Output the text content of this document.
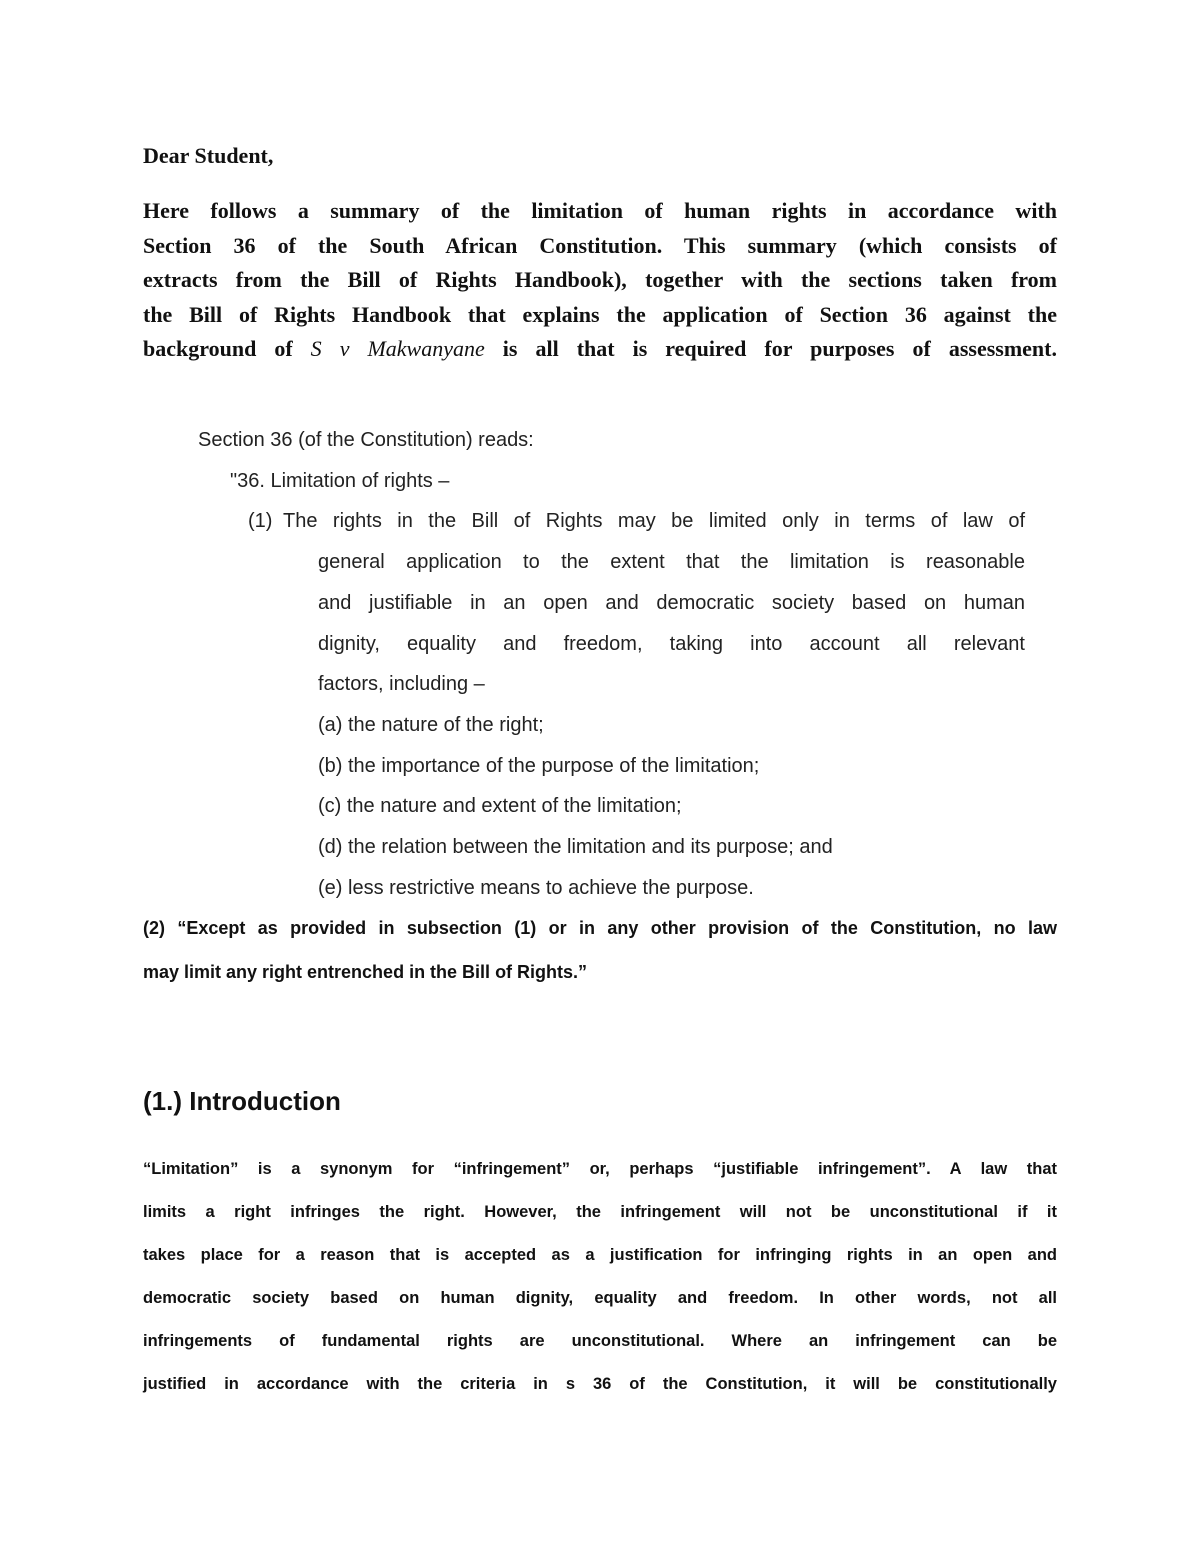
Dear Student,
Here follows a summary of the limitation of human rights in accordance with
Section 36 of the South African Constitution. This summary (which consists of
extracts from the Bill of Rights Handbook), together with the sections taken from
the Bill of Rights Handbook that explains the application of Section 36 against the
background of S v Makwanyane is all that is required for purposes of assessment.
Section 36 (of the Constitution) reads:
"36. Limitation of rights –
(1) The rights in the Bill of Rights may be limited only in terms of law of
general application to the extent that the limitation is reasonable
and justifiable in an open and democratic society based on human
dignity, equality and freedom, taking into account all relevant
factors, including –
(a) the nature of the right;
(b) the importance of the purpose of the limitation;
(c) the nature and extent of the limitation;
(d) the relation between the limitation and its purpose; and
(e) less restrictive means to achieve the purpose.
(2) “Except as provided in subsection (1) or in any other provision of the Constitution, no law
may limit any right entrenched in the Bill of Rights.”
(1.) Introduction
“Limitation” is a synonym for “infringement” or, perhaps “justifiable infringement”. A law that
limits a right infringes the right. However, the infringement will not be unconstitutional if it
takes place for a reason that is accepted as a justification for infringing rights in an open and
democratic society based on human dignity, equality and freedom. In other words, not all
infringements of fundamental rights are unconstitutional. Where an infringement can be
justified in accordance with the criteria in s 36 of the Constitution, it will be constitutionally
